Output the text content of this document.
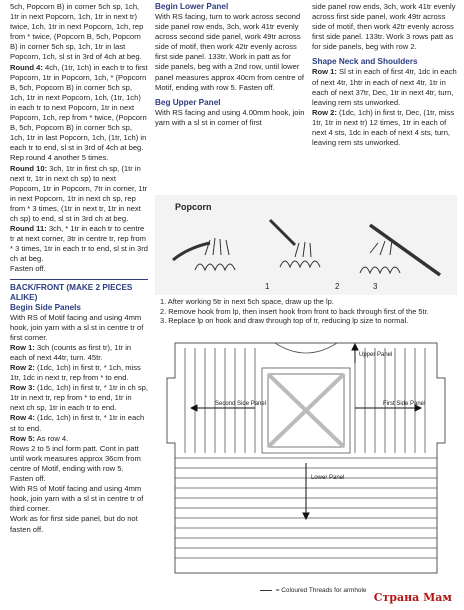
5ch, Popcorn B) in corner 5ch sp, 1ch, 1tr in next Popcorn, 1ch, 1tr in next tr) twice, 1ch, 1tr in next Popcorn, 1ch, rep from * twice, (Popcorn B, 5ch, Popcorn B) in corner 5ch sp, 1ch, 1tr in last Popcorn, 1ch, sl st in 3rd of 4ch at beg.

Round 4: 4ch, (1tr, 1ch) in each tr to first Popcorn, 1tr in Popcorn, 1ch, * (Popcorn B, 5ch, Popcorn B) in corner 5ch sp, 1ch, 1tr in next Popcorn, 1ch, (1tr, 1ch) in each tr to next Popcorn, 1tr in next Popcorn, 1ch, rep from * twice, (Popcorn B, 5ch, Popcorn B) in corner 5ch sp, 1ch, 1tr in last Popcorn, 1ch, (1tr, 1ch) in each tr to end, sl st in 3rd of 4ch at beg.

Rep round 4 another 5 times.

Round 10: 3ch, 1tr in first ch sp, (1tr in next tr, 1tr in next ch sp) to next Popcorn, 1tr in Popcorn, 7tr in corner, 1tr in next Popcorn, 1tr in next ch sp, rep from * 3 times, (1tr in next tr, 1tr in next ch sp) to end, sl st in 3rd ch at beg.

Round 11: 3ch, * 1tr in each tr to centre tr at next corner, 3tr in centre tr, rep from * 3 times, 1tr in each tr to end, sl st in 3rd ch at beg.

Fasten off.

BACK/FRONT (MAKE 2 PIECES ALIKE)
Begin Side Panels

With RS of Motif facing and using 4mm hook, join yarn with a sl st in centre tr of first corner.

Row 1: 3ch (counts as first tr), 1tr in each of next 44tr, turn. 45tr.

Row 2: (1dc, 1ch) in first tr, * 1ch, miss 1tr, 1dc in next tr, rep from * to end.

Row 3: (1dc, 1ch) in first tr, * 1tr in ch sp, 1tr in next tr, rep from * to end, 1tr in next ch sp, 1tr in each tr to end.

Row 4: (1dc, 1ch) in first tr, * 1tr in each st to end.

Row 5: As row 4.

Rows 2 to 5 incl form patt. Cont in patt until work measures approx 36cm from centre of Motif, ending with row 5. Fasten off.

With RS of Motif facing and using 4mm hook, join yarn with a sl st in centre tr of third corner.

Work as for first side panel, but do not fasten off.

Begin Lower Panel

With RS facing, turn to work across second side panel row ends, 3ch, work 41tr evenly across second side panel, work 49tr across side of motif, then work 42tr evenly across first side panel. 133tr. Work in patt as for side panels, beg with a 2nd row, until lower panel measures approx 40cm from centre of Motif, ending with row 5. Fasten off.

Beg Upper Panel

With RS facing and using 4.00mm hook, join yarn with a sl st in corner of first

side panel row ends, 3ch, work 41tr evenly across first side panel, work 49tr across side of motif, then work 42tr evenly across first side panel. 133tr. Work 3 rows patt as for side panels, beg with row 2.

Shape Neck and Shoulders

Row 1: Sl st in each of first 4tr, 1dc in each of next 4tr, 1htr in each of next 4tr, 1tr in each of next 37tr, Dec, 1tr in next 4tr, turn, leaving rem sts unworked.

Row 2: (1dc, 1ch) in first tr, Dec, (1tr, miss 1tr, 1tr in next tr) 12 times, 1tr in each of next 4 sts, 1dc in each of next 4 sts, turn, leaving rem sts unworked.

Popcorn
1	2	3

1. After working 5tr in next 5ch space, draw up the lp.

2. Remove hook from lp, then insert hook from front to back through first of the 5tr.

3. Replace lp on hook and draw through top of tr, reducing lp size to normal.

Upper Panel
Second Side Panel	First Side Panel
Lower Panel
= Coloured Threads for armhole
Страна Мам
